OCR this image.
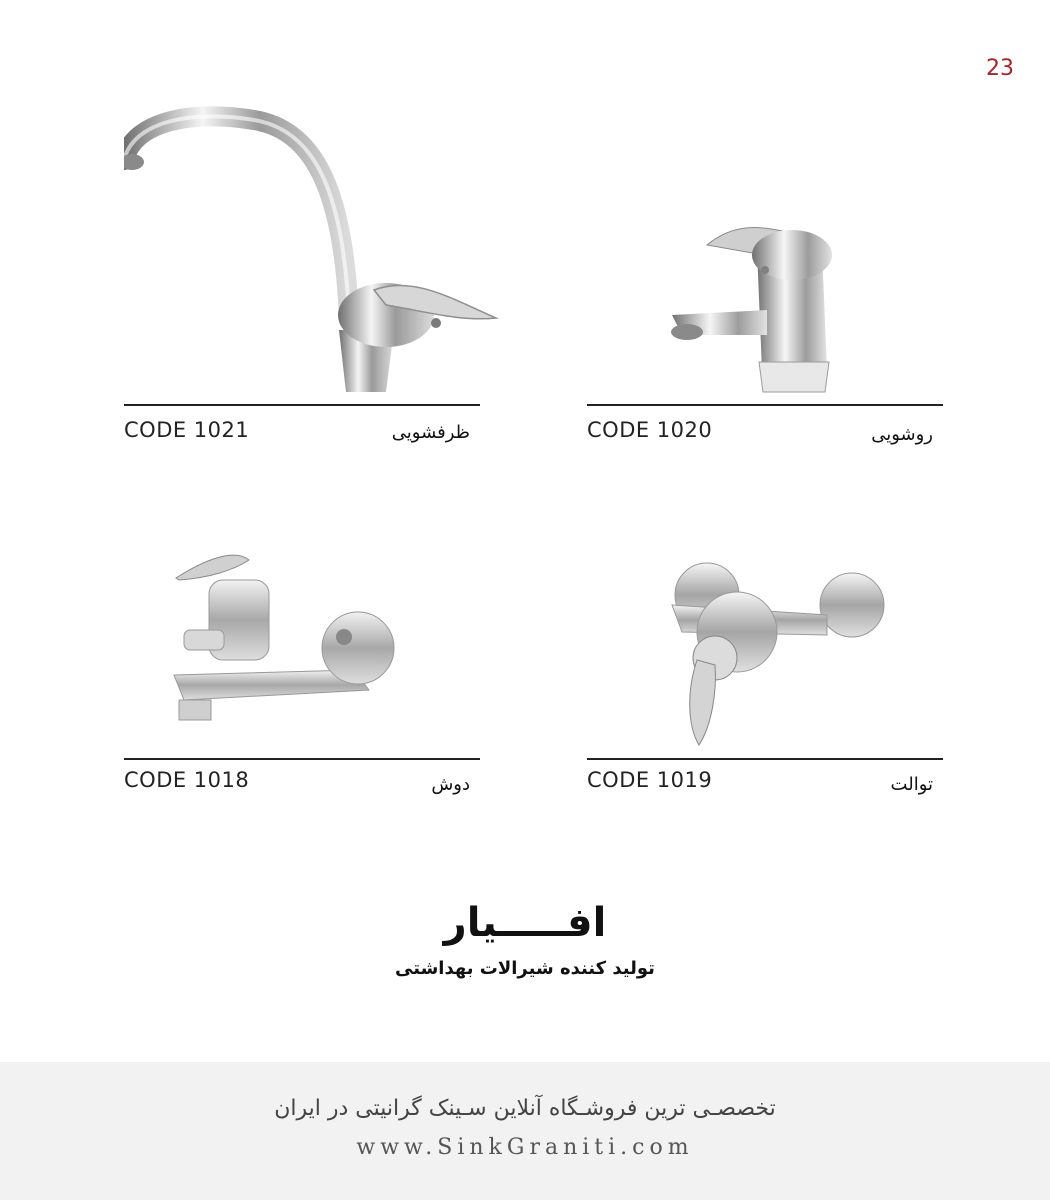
23
CODE 1021	ظرفشویی	CODE 1020	روشویی
CODE 1018	دوش	CODE 1019	توالت
افـــــیار
تولید کننده شیرالات بهداشتی
تخصصـی ترین فروشـگاه آنلاین سـینک گرانیتی در ایران
www.SinkGraniti.com
